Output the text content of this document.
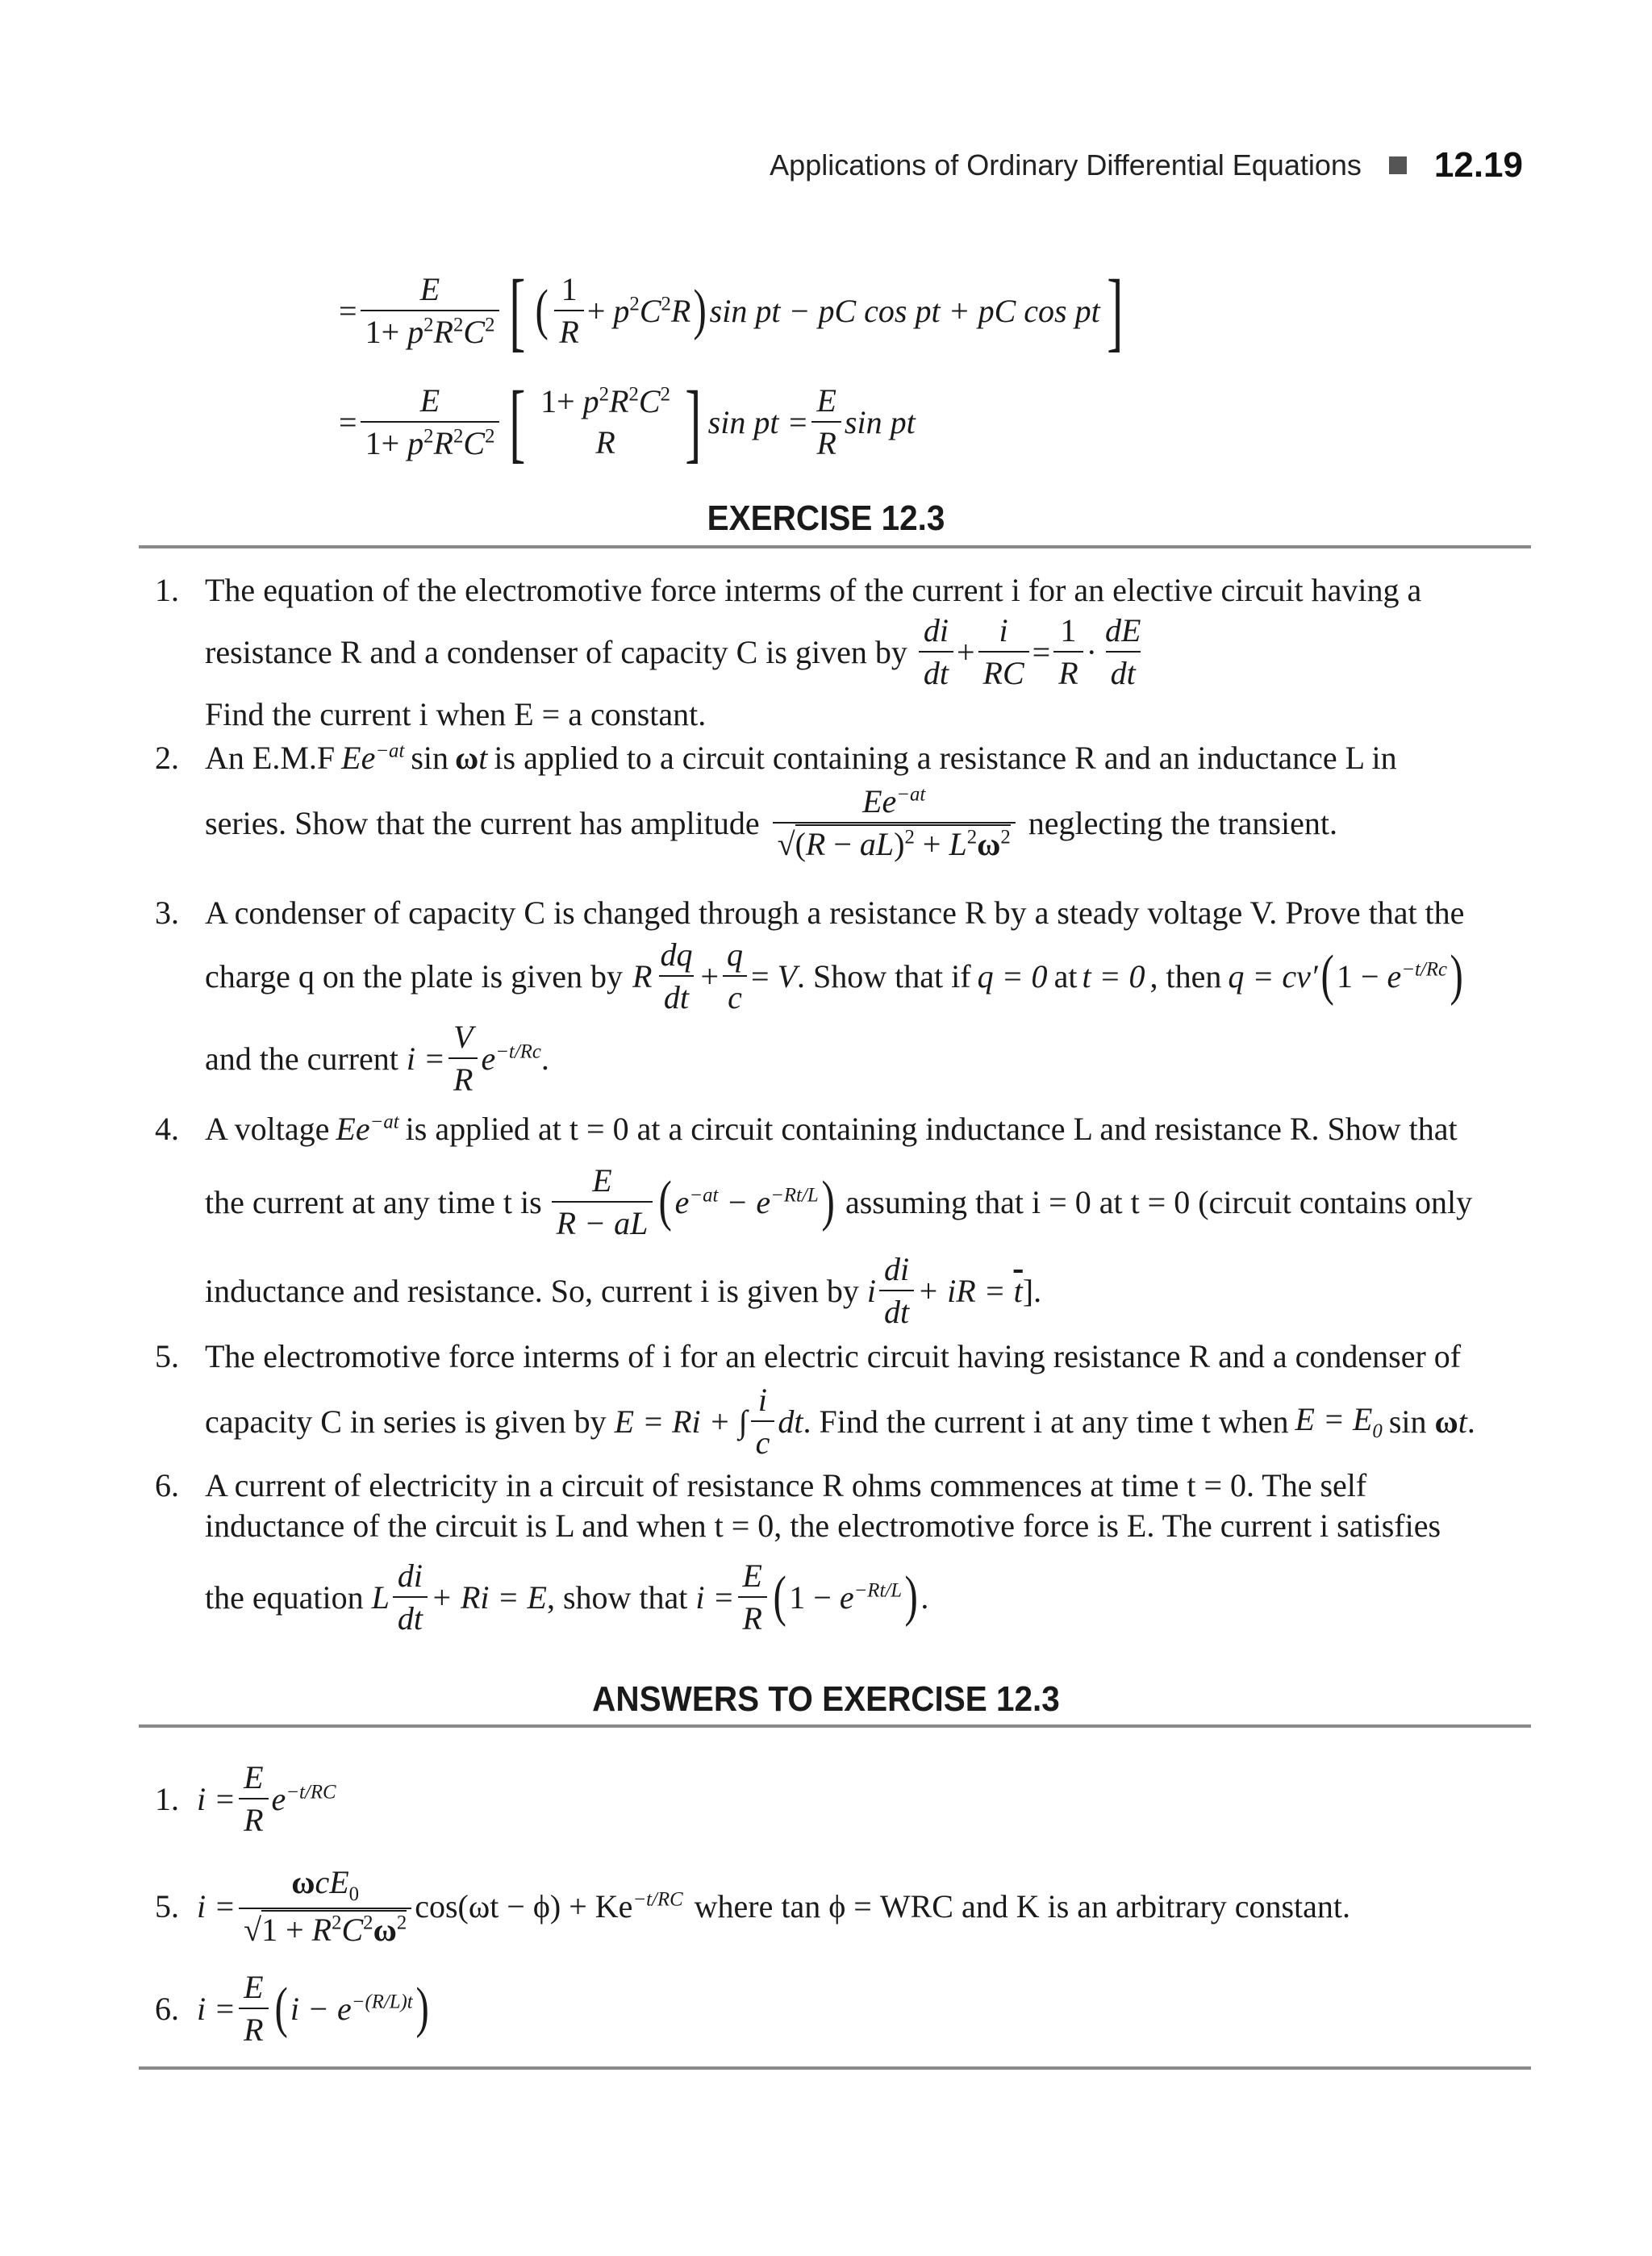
Applications of Ordinary Differential Equations 12.19
= $\frac{E}{1+ p^2R^2C^2}$ [ ( $\frac{1}{R} + p^2C^2R$ ) sin pt − pC cos pt + pC cos pt ]
= $\frac{E}{1+ p^2R^2C^2}$ [ $1+ p^2R^2C^2$
R ] sin pt = $\frac{E}{R}$ sin pt
EXERCISE 12.3
1. The equation of the electromotive force interms of the current i for an elective circuit having a
resistance R and a condenser of capacity C is given by $\frac{di}{dt} + \frac{i}{RC} = \frac{1}{R} \cdot \frac{dE}{dt}$
Find the current i when E = a constant.
2. An E.M.F $Ee^{-at}$ sin ωt is applied to a circuit containing a resistance R and an inductance L in
series. Show that the current has amplitude $\frac{Ee^{-at}}{√(R - aL)^2 + L^2\omega^2}$ neglecting the transient.
3. A condenser of capacity C is changed through a resistance R by a steady voltage V. Prove that the
charge q on the plate is given by R $\frac{dq}{dt} + \frac{q}{c} = V$ . Show that if q = 0 at t = 0 , then q = cv′ ( $1 - e^{-t/Rc}$ )
and the current $i = \frac{V}{R} e^{-t/Rc}$ .
4. A voltage $Ee^{-at}$ is applied at t = 0 at a circuit containing inductance L and resistance R. Show that
the current at any time t is $\frac{E}{R - aL}$ ( $e^{-at} - e^{-Rt/L}$ ) assuming that i = 0 at t = 0 (circuit contains only
inductance and resistance. So, current i is given by i $\frac{di}{dt}$ + iR = $\overline{t}$ ].
5. The electromotive force interms of i for an electric circuit having resistance R and a condenser of
capacity C in series is given by E = Ri + ∫ $\frac{i}{c}$ dt . Find the current i at any time t when $E = E_0$ sin ωt.
6. A current of electricity in a circuit of resistance R ohms commences at time t = 0. The self
inductance of the circuit is L and when t = 0, the electromotive force is E. The current i satisfies
the equation L $\frac{di}{dt} + Ri = E$ , show that $i = \frac{E}{R}$ ( $1 - e^{-Rt/L}$ ) .
ANSWERS TO EXERCISE 12.3
1. $i = \frac{E}{R} e^{-t/RC}$
5. $i = \frac{\omega cE_0}{√1 + R^2C^2\omega^2} \cos(\omega t - \phi) + Ke$ $^{-t/RC}$ where tan ϕ = WRC and K is an arbitrary constant.
6. $i = \frac{E}{R}$ ( $i - e^{-(R/L)t}$ )
